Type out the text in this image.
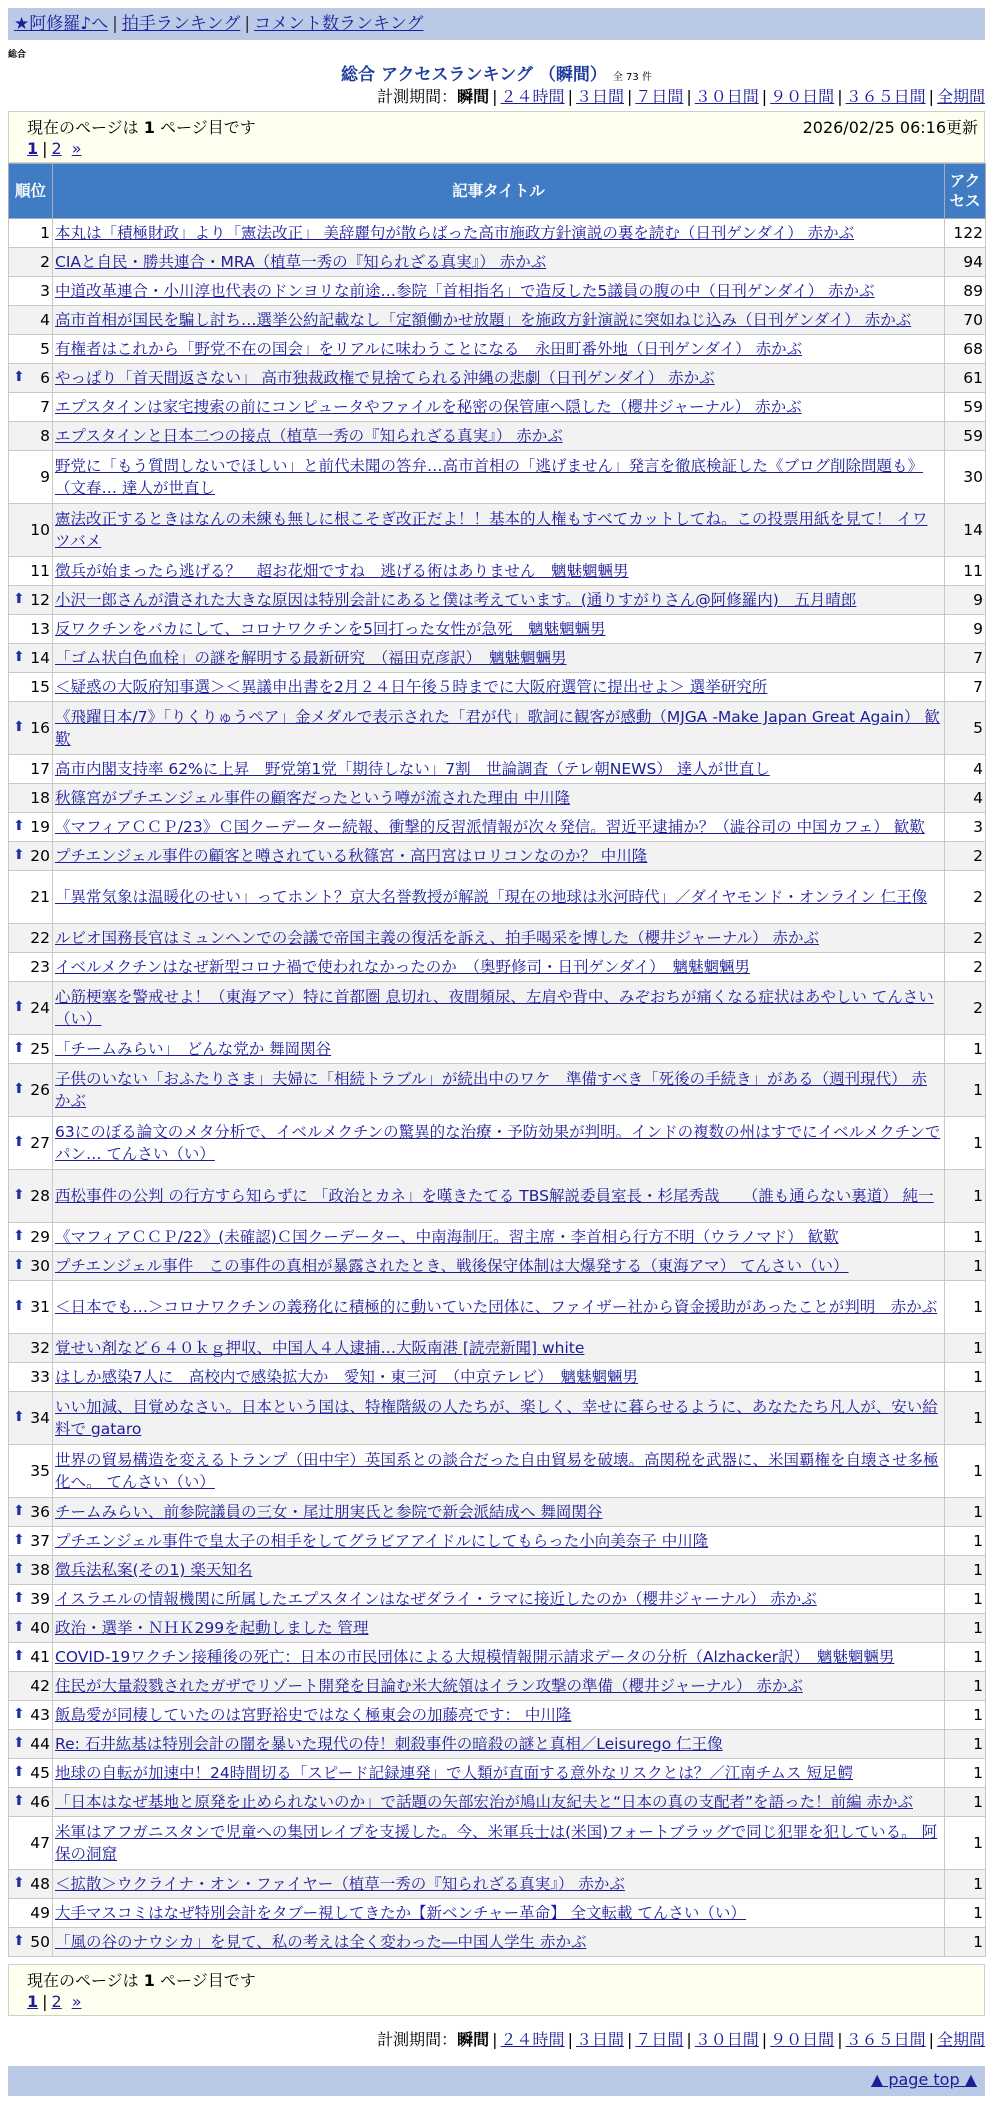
★阿修羅♪へ | 拍手ランキング | コメント数ランキング
総合
総合 アクセスランキング （瞬間） 全 73 件
計測期間：瞬間 | ２４時間 | ３日間 | ７日間 | ３０日間 | ９０日間 | ３６５日間 | 全期間
現在のページは 1 ページ目です	2026/02/25 06:16更新
1 | 2 »
順位	記事タイトル	アクセス
1	本丸は「積極財政」より「憲法改正」 美辞麗句が散らばった高市施政方針演説の裏を読む（日刊ゲンダイ） 赤かぶ	122
2	CIAと自民・勝共連合・MRA（植草一秀の『知られざる真実』） 赤かぶ	94
3	中道改革連合・小川淳也代表のドンヨリな前途…参院「首相指名」で造反した5議員の腹の中（日刊ゲンダイ） 赤かぶ	89
4	高市首相が国民を騙し討ち…選挙公約記載なし「定額働かせ放題」を施政方針演説に突如ねじ込み（日刊ゲンダイ） 赤かぶ	70
5	有権者はこれから「野党不在の国会」をリアルに味わうことになる　永田町番外地（日刊ゲンダイ） 赤かぶ	68

⬆ 6	やっぱり「首天間返さない」 高市独裁政権で見捨てられる沖縄の悲劇（日刊ゲンダイ） 赤かぶ	61
7	エプスタインは家宅捜索の前にコンピュータやファイルを秘密の保管庫へ隠した（櫻井ジャーナル） 赤かぶ	59
8	エプスタインと日本二つの接点（植草一秀の『知られざる真実』） 赤かぶ	59
9	野党に「もう質問しないでほしい」と前代未聞の答弁…高市首相の「逃げません」発言を徹底検証した《ブログ削除問題も》（文春… 達人が世直し	30
10	憲法改正するときはなんの未練も無しに根こそぎ改正だよ！！基本的人権もすべてカットしてね。この投票用紙を見て！ イワツバメ	14
11	徴兵が始まったら逃げる？　超お花畑ですね　逃げる術はありません　魑魅魍魎男	11

⬆ 12	小沢一郎さんが潰された大きな原因は特別会計にあると僕は考えています。(通りすがりさん@阿修羅内)　五月晴郎	9
13	反ワクチンをバカにして、コロナワクチンを5回打った女性が急死　魑魅魍魎男	9

⬆ 14	「ゴム状白色血栓」の謎を解明する最新研究　（福田克彦訳）　魑魅魍魎男	7
15	＜疑惑の大阪府知事選＞＜異議申出書を2月２４日午後５時までに大阪府選管に提出せよ＞ 選挙研究所	7

⬆ 16	《飛躍日本/7》「りくりゅうペア」金メダルで表示された「君が代」歌詞に観客が感動（MJGA -Make Japan Great Again） 歓歎	5
17	高市内閣支持率 62%に上昇　野党第1党「期待しない」7割　世論調査（テレ朝NEWS） 達人が世直し	4
18	秋篠宮がプチエンジェル事件の顧客だったという噂が流された理由 中川隆	4

⬆ 19	《マフィアＣＣＰ/23》Ｃ国クーデーター続報、衝撃的反習派情報が次々発信。習近平逮捕か？（澁谷司の 中国カフェ） 歓歎	3

⬆ 20	プチエンジェル事件の顧客と噂されている秋篠宮・高円宮はロリコンなのか？ 中川隆	2
21	「異常気象は温暖化のせい」ってホント？京大名誉教授が解説「現在の地球は氷河時代」／ダイヤモンド・オンライン 仁王像	2
22	ルビオ国務長官はミュンヘンでの会議で帝国主義の復活を訴え、拍手喝采を博した（櫻井ジャーナル） 赤かぶ	2
23	イベルメクチンはなぜ新型コロナ禍で使われなかったのか　（奥野修司・日刊ゲンダイ）　魑魅魍魎男	2

⬆ 24	心筋梗塞を警戒せよ！（東海アマ）特に首都圏 息切れ、夜間頻尿、左肩や背中、みぞおちが痛くなる症状はあやしい てんさい（い）	2

⬆ 25	「チームみらい」　どんな党か 舞岡関谷	1

⬆ 26	子供のいない「おふたりさま」夫婦に「相続トラブル」が続出中のワケ　準備すべき「死後の手続き」がある（週刊現代） 赤かぶ	1

⬆ 27	63にのぼる論文のメタ分析で、イベルメクチンの驚異的な治療・予防効果が判明。インドの複数の州はすでにイベルメクチンでパン… てんさい（い）	1

⬆ 28	西松事件の公判 の行方すら知らずに 「政治とカネ」を嘆きたてる TBS解説委員室長・杉尾秀哉　　（誰も通らない裏道） 純一	1

⬆ 29	《マフィアＣＣＰ/22》(未確認)Ｃ国クーデーター、中南海制圧。習主席・李首相ら行方不明（ウラノマド） 歓歎	1

⬆ 30	プチエンジェル事件　この事件の真相が暴露されたとき、戦後保守体制は大爆発する（東海アマ） てんさい（い）	1

⬆ 31	＜日本でも…＞コロナワクチンの義務化に積極的に動いていた団体に、ファイザー社から資金援助があったことが判明　赤かぶ	1
32	覚せい剤など６４０ｋｇ押収、中国人４人逮捕…大阪南港 [読売新聞] white	1
33	はしか感染7人に　高校内で感染拡大か　愛知・東三河　（中京テレビ）　魑魅魍魎男	1

⬆ 34	いい加減、目覚めなさい。日本という国は、特権階級の人たちが、楽しく、幸せに暮らせるように、あなたたち凡人が、安い給料で gataro	1
35	世界の貿易構造を変えるトランプ（田中宇）英国系との談合だった自由貿易を破壊。高関税を武器に、米国覇権を自壊させ多極化へ。 てんさい（い）	1

⬆ 36	チームみらい、前参院議員の三女・尾辻朋実氏と参院で新会派結成へ 舞岡関谷	1

⬆ 37	プチエンジェル事件で皇太子の相手をしてグラビアアイドルにしてもらった小向美奈子 中川隆	1

⬆ 38	徴兵法私案(その1) 楽天知名	1

⬆ 39	イスラエルの情報機関に所属したエプスタインはなぜダライ・ラマに接近したのか（櫻井ジャーナル） 赤かぶ	1

⬆ 40	政治・選挙・ＮＨＫ299を起動しました 管理	1

⬆ 41	COVID-19ワクチン接種後の死亡：日本の市民団体による大規模情報開示請求データの分析（Alzhacker訳）　魑魅魍魎男	1
42	住民が大量殺戮されたガザでリゾート開発を目論む米大統領はイラン攻撃の準備（櫻井ジャーナル） 赤かぶ	1

⬆ 43	飯島愛が同棲していたのは宮野裕史ではなく極東会の加藤亮です： 中川隆	1

⬆ 44	Re: 石井紘基は特別会計の闇を暴いた現代の侍！刺殺事件の暗殺の謎と真相／Leisurego 仁王像	1

⬆ 45	地球の自転が加速中！24時間切る「スピード記録連発」で人類が直面する意外なリスクとは？／江南チムス 短足鰐	1

⬆ 46	「日本はなぜ基地と原発を止められないのか」で話題の矢部宏治が鳩山友紀夫と“日本の真の支配者”を語った！前編 赤かぶ	1
47	米軍はアフガニスタンで児童への集団レイプを支援した。今、米軍兵士は(米国)フォートブラッグで同じ犯罪を犯している。 阿保の洞窟	1

⬆ 48	＜拡散＞ウクライナ・オン・ファイヤー（植草一秀の『知られざる真実』） 赤かぶ	1
49	大手マスコミはなぜ特別会計をタブー視してきたか【新ベンチャー革命】 全文転載 てんさい（い）	1

⬆ 50	「風の谷のナウシカ」を見て、私の考えは全く変わった―中国人学生 赤かぶ	1
現在のページは 1 ページ目です
1 | 2 »
計測期間：瞬間 | ２４時間 | ３日間 | ７日間 | ３０日間 | ９０日間 | ３６５日間 | 全期間
▲ page top ▲
